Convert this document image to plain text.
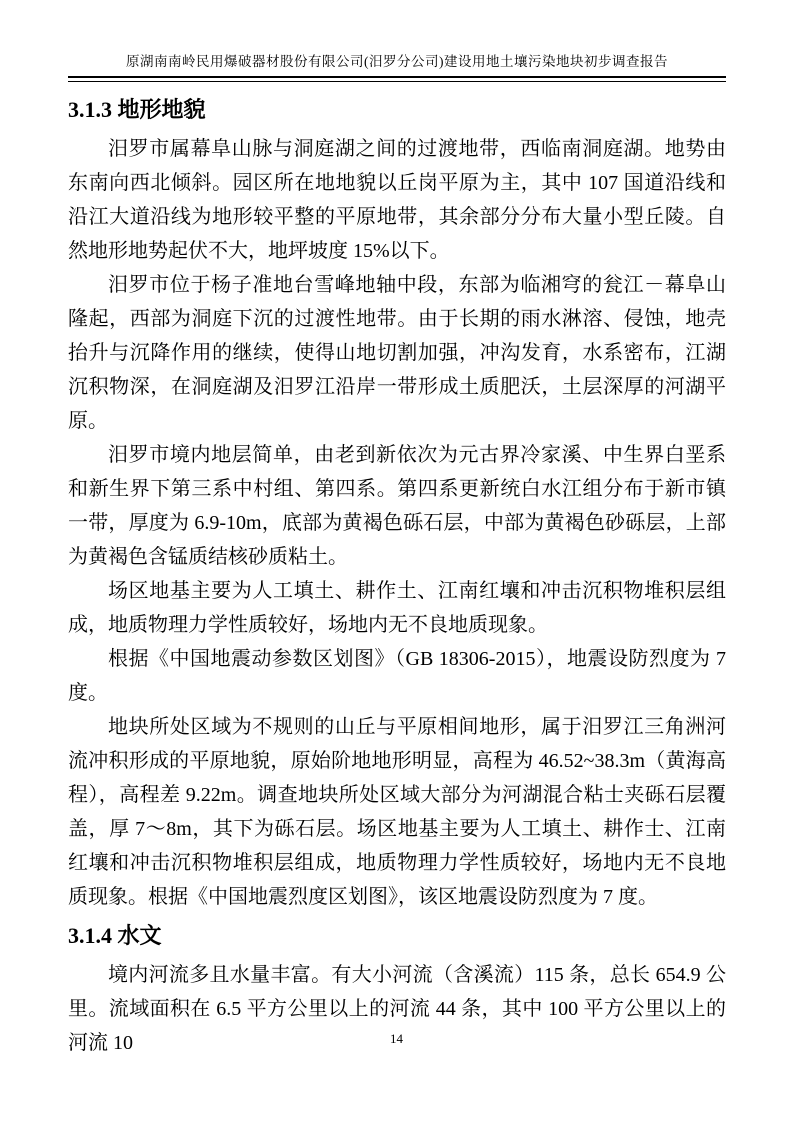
原湖南南岭民用爆破器材股份有限公司(汨罗分公司)建设用地土壤污染地块初步调查报告
3.1.3 地形地貌

汨罗市属幕阜山脉与洞庭湖之间的过渡地带，西临南洞庭湖。地势由东南向西北倾斜。园区所在地地貌以丘岗平原为主，其中 107 国道沿线和沿江大道沿线为地形较平整的平原地带，其余部分分布大量小型丘陵。自然地形地势起伏不大，地坪坡度 15%以下。

汨罗市位于杨子准地台雪峰地轴中段，东部为临湘穹的瓮江－幕阜山隆起，西部为洞庭下沉的过渡性地带。由于长期的雨水淋溶、侵蚀，地壳抬升与沉降作用的继续，使得山地切割加强，冲沟发育，水系密布，江湖沉积物深，在洞庭湖及汨罗江沿岸一带形成土质肥沃，土层深厚的河湖平原。

汨罗市境内地层简单，由老到新依次为元古界冷家溪、中生界白垩系和新生界下第三系中村组、第四系。第四系更新统白水江组分布于新市镇一带，厚度为 6.9-10m，底部为黄褐色砾石层，中部为黄褐色砂砾层，上部为黄褐色含锰质结核砂质粘土。

场区地基主要为人工填土、耕作土、江南红壤和冲击沉积物堆积层组成，地质物理力学性质较好，场地内无不良地质现象。

根据《中国地震动参数区划图》（GB 18306-2015），地震设防烈度为 7 度。

地块所处区域为不规则的山丘与平原相间地形，属于汨罗江三角洲河流冲积形成的平原地貌，原始阶地地形明显，高程为 46.52~38.3m（黄海高程），高程差 9.22m。调查地块所处区域大部分为河湖混合粘士夹砾石层覆盖，厚 7～8m，其下为砾石层。场区地基主要为人工填土、耕作士、江南红壤和冲击沉积物堆积层组成，地质物理力学性质较好，场地内无不良地质现象。根据《中国地震烈度区划图》，该区地震设防烈度为 7 度。

3.1.4 水文

境内河流多且水量丰富。有大小河流（含溪流）115 条，总长 654.9 公里。流域面积在 6.5 平方公里以上的河流 44 条，其中 100 平方公里以上的河流 10	14
